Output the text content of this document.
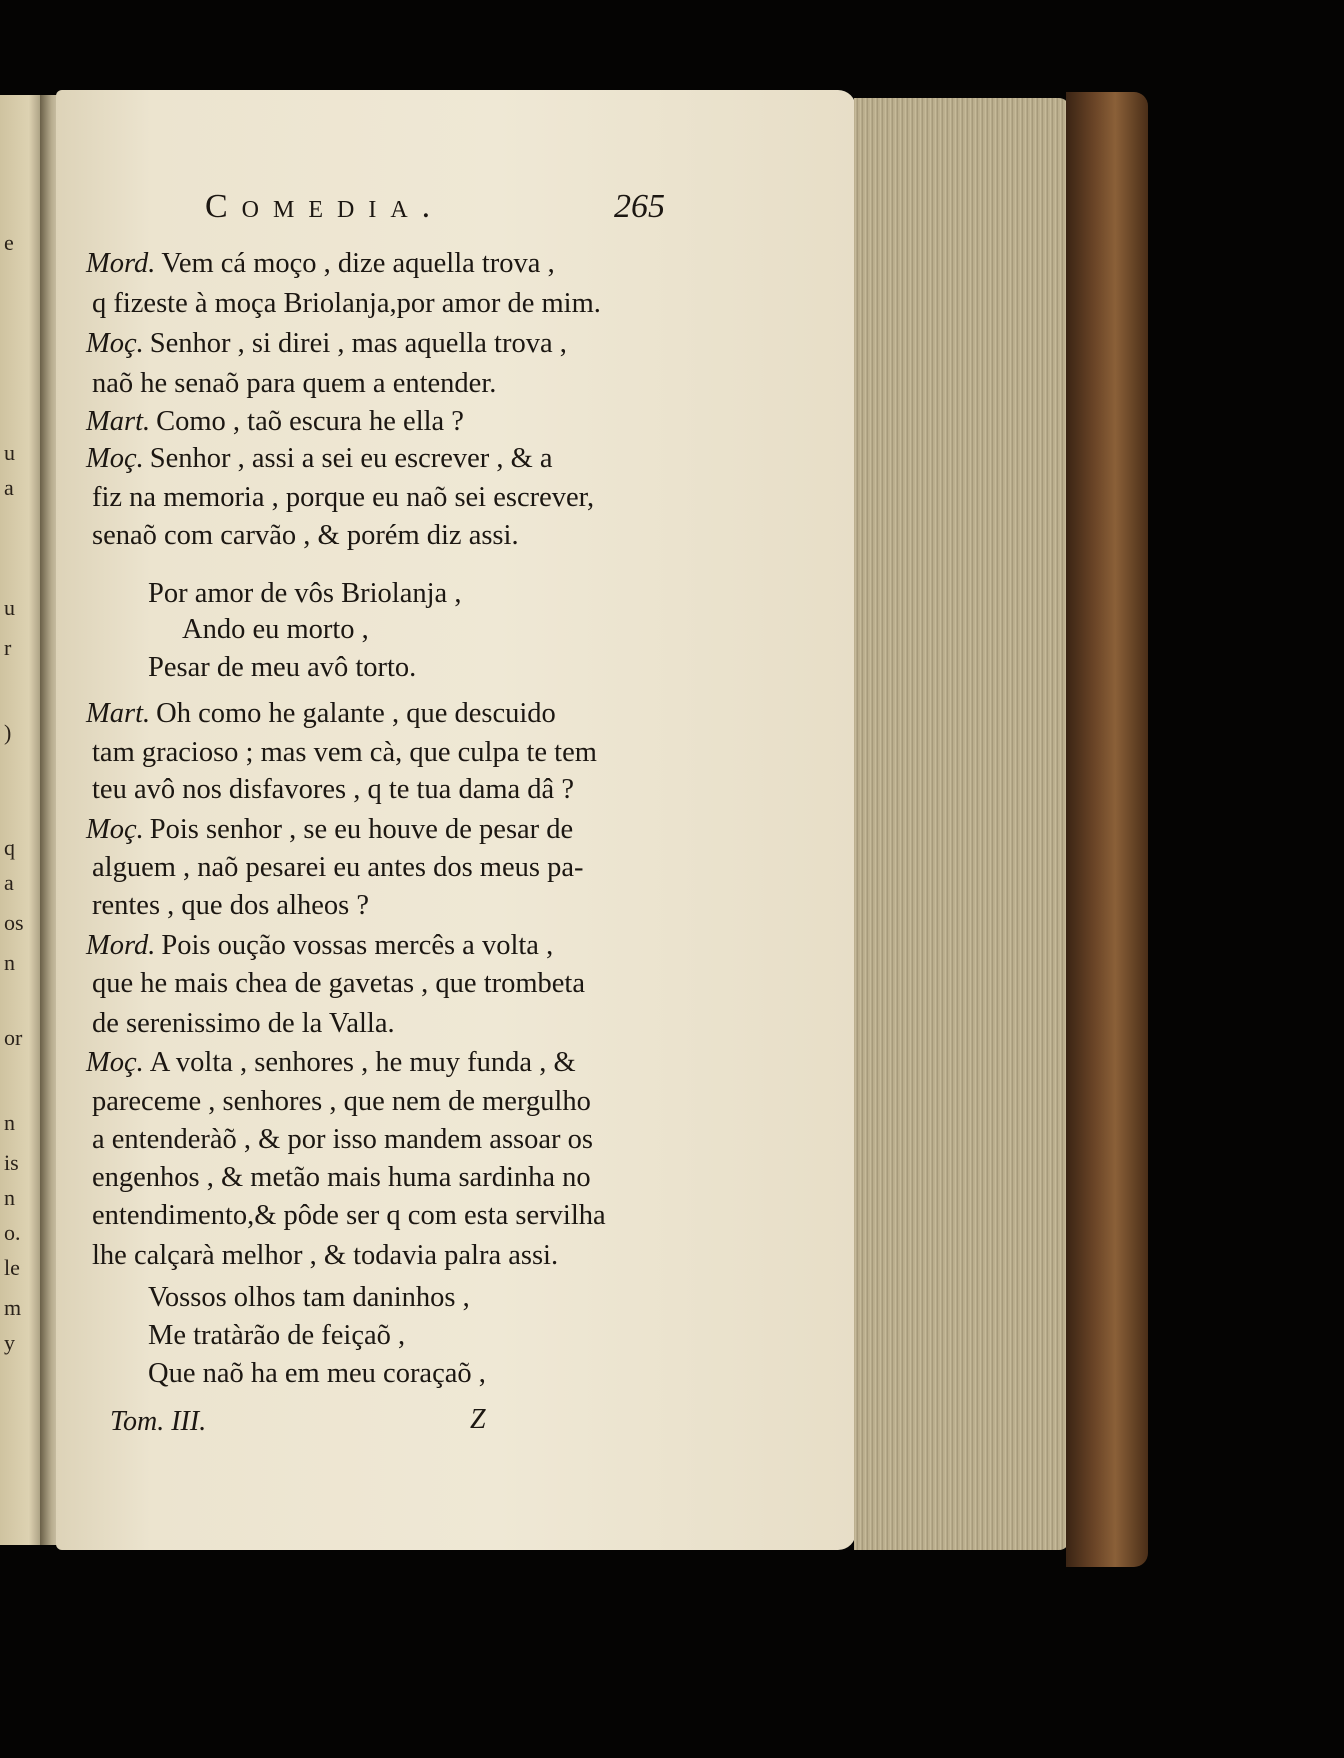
e
u
a
u
r
)
q
a
os
n
or
n
is
n
o.
le
m
y
Comedia.	265
Mord. Vem cá moço , dize aquella trova ,
q fizeste à moça Briolanja,por amor de mim.
Moç. Senhor , si direi , mas aquella trova ,
naõ he senaõ para quem a entender.
Mart. Como , taõ escura he ella ?
Moç. Senhor , assi a sei eu escrever , & a
fiz na memoria , porque eu naõ sei escrever,
senaõ com carvão , & porém diz assi.
Por amor de vôs Briolanja ,
Ando eu morto ,
Pesar de meu avô torto.
Mart. Oh como he galante , que descuido
tam gracioso ; mas vem cà, que culpa te tem
teu avô nos disfavores , q te tua dama dâ ?
Moç. Pois senhor , se eu houve de pesar de
alguem , naõ pesarei eu antes dos meus pa-
rentes , que dos alheos ?
Mord. Pois oução vossas mercês a volta ,
que he mais chea de gavetas , que trombeta
de serenissimo de la Valla.
Moç. A volta , senhores , he muy funda , &
pareceme , senhores , que nem de mergulho
a entenderàõ , & por isso mandem assoar os
engenhos , & metão mais huma sardinha no
entendimento,& pôde ser q com esta servilha
lhe calçarà melhor , & todavia palra assi.
Vossos olhos tam daninhos ,
Me tratàrão de feiçaõ ,
Que naõ ha em meu coraçaõ ,
Tom. III.	Z
